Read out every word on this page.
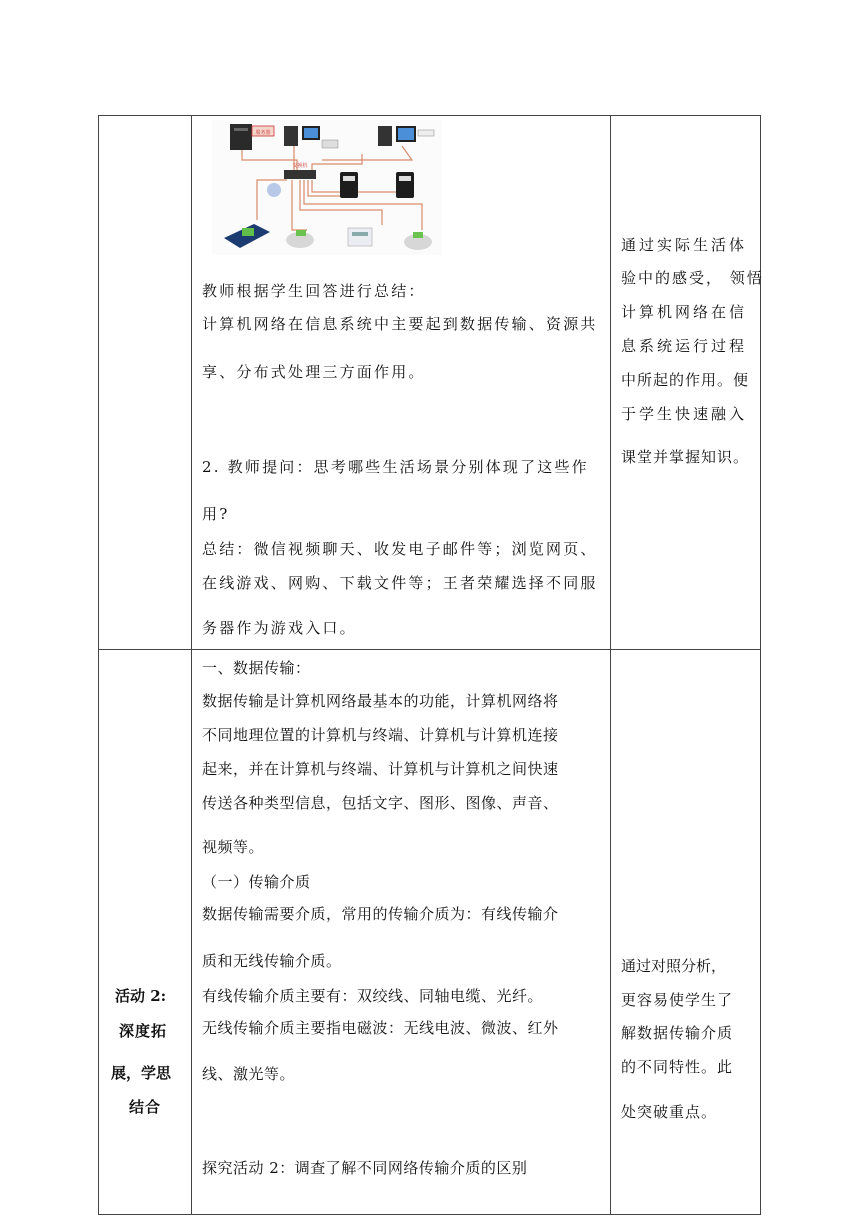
服务器
交换机
教师根据学生回答进行总结：
计算机网络在信息系统中主要起到数据传输、资源共
享、分布式处理三方面作用。
2. 教师提问：思考哪些生活场景分别体现了这些作
用?
总结：微信视频聊天、收发电子邮件等；浏览网页、
在线游戏、网购、下载文件等；王者荣耀选择不同服
务器作为游戏入口。
通过实际生活体
验中的感受， 领悟
计算机网络在信
息系统运行过程
中所起的作用。便
于学生快速融入
课堂并掌握知识。
活动 2:
深度拓
展，学思
结合
一、数据传输：
数据传输是计算机网络最基本的功能，计算机网络将
不同地理位置的计算机与终端、计算机与计算机连接
起来，并在计算机与终端、计算机与计算机之间快速
传送各种类型信息，包括文字、图形、图像、声音、
视频等。
（一）传输介质
数据传输需要介质，常用的传输介质为：有线传输介
质和无线传输介质。
有线传输介质主要有：双绞线、同轴电缆、光纤。
无线传输介质主要指电磁波：无线电波、微波、红外
线、激光等。
探究活动 2：调查了解不同网络传输介质的区别
通过对照分析，
更容易使学生了
解数据传输介质
的不同特性。此
处突破重点。
